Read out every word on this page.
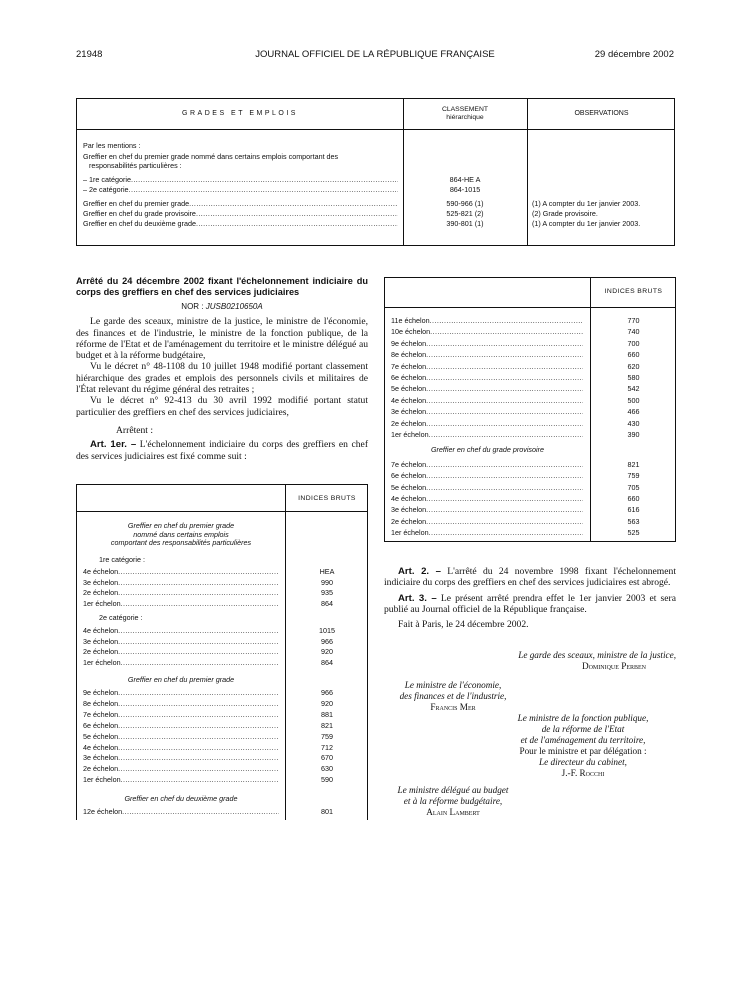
21948	JOURNAL OFFICIEL DE LA RÉPUBLIQUE FRANÇAISE	29 décembre 2002
GRADES ET EMPLOIS
CLASSEMENT
hiérarchique
OBSERVATIONS
Par les mentions :
Greffier en chef du premier grade nommé dans certains emplois comportant des
responsabilités particulières :
– 1re catégorie .....	864-HE A
– 2e catégorie .....	864-1015
Greffier en chef du premier grade .....	590-966 (1)	(1) A compter du 1er janvier 2003.
Greffier en chef du grade provisoire .....	525-821 (2)	(2) Grade provisoire.
Greffier en chef du deuxième grade .....	390-801 (1)	(1) A compter du 1er janvier 2003.
Arrêté du 24 décembre 2002 fixant l'échelonnement indiciaire du corps des greffiers en chef des services judiciaires
NOR : JUSB0210650A

Le garde des sceaux, ministre de la justice, le ministre de l'économie, des finances et de l'industrie, le ministre de la fonction publique, de la réforme de l'Etat et de l'aménagement du territoire et le ministre délégué au budget et à la réforme budgétaire,

Vu le décret n° 48-1108 du 10 juillet 1948 modifié portant classement hiérarchique des grades et emplois des personnels civils et militaires de l'État relevant du régime général des retraites ;

Vu le décret n° 92-413 du 30 avril 1992 modifié portant statut particulier des greffiers en chef des services judiciaires,

Arrêtent :

Art. 1er. – L'échelonnement indiciaire du corps des greffiers en chef des services judiciaires est fixé comme suit :

INDICES BRUTS
Greffier en chef du premier grade
nommé dans certains emplois
comportant des responsabilités particulières
1re catégorie :
4e échelon .....	HEA
3e échelon .....	990
2e échelon .....	935
1er échelon .....	864
2e catégorie :
4e échelon .....	1015
3e échelon .....	966
2e échelon .....	920
1er échelon .....	864
Greffier en chef du premier grade
9e échelon .....	966
8e échelon .....	920
7e échelon .....	881
6e échelon .....	821
5e échelon .....	759
4e échelon .....	712
3e échelon .....	670
2e échelon .....	630
1er échelon .....	590
Greffier en chef du deuxième grade
12e échelon .....	801
INDICES BRUTS
11e échelon .....	770
10e échelon .....	740
9e échelon .....	700
8e échelon .....	660
7e échelon .....	620
6e échelon .....	580
5e échelon .....	542
4e échelon .....	500
3e échelon .....	466
2e échelon .....	430
1er échelon .....	390
Greffier en chef du grade provisoire
7e échelon .....	821
6e échelon .....	759
5e échelon .....	705
4e échelon .....	660
3e échelon .....	616
2e échelon .....	563
1er échelon .....	525

Art. 2. – L'arrêté du 24 novembre 1998 fixant l'échelonnement indiciaire du corps des greffiers en chef des services judiciaires est abrogé.

Art. 3. – Le présent arrêté prendra effet le 1er janvier 2003 et sera publié au Journal officiel de la République française.

Fait à Paris, le 24 décembre 2002.

Le garde des sceaux, ministre de la justice,
Dominique Perben
Le ministre de l'économie,
des finances et de l'industrie,
Francis Mer
Le ministre de la fonction publique,
de la réforme de l'Etat
et de l'aménagement du territoire,
Pour le ministre et par délégation :
Le directeur du cabinet,
J.-F. Rocchi
Le ministre délégué au budget
et à la réforme budgétaire,
Alain Lambert
